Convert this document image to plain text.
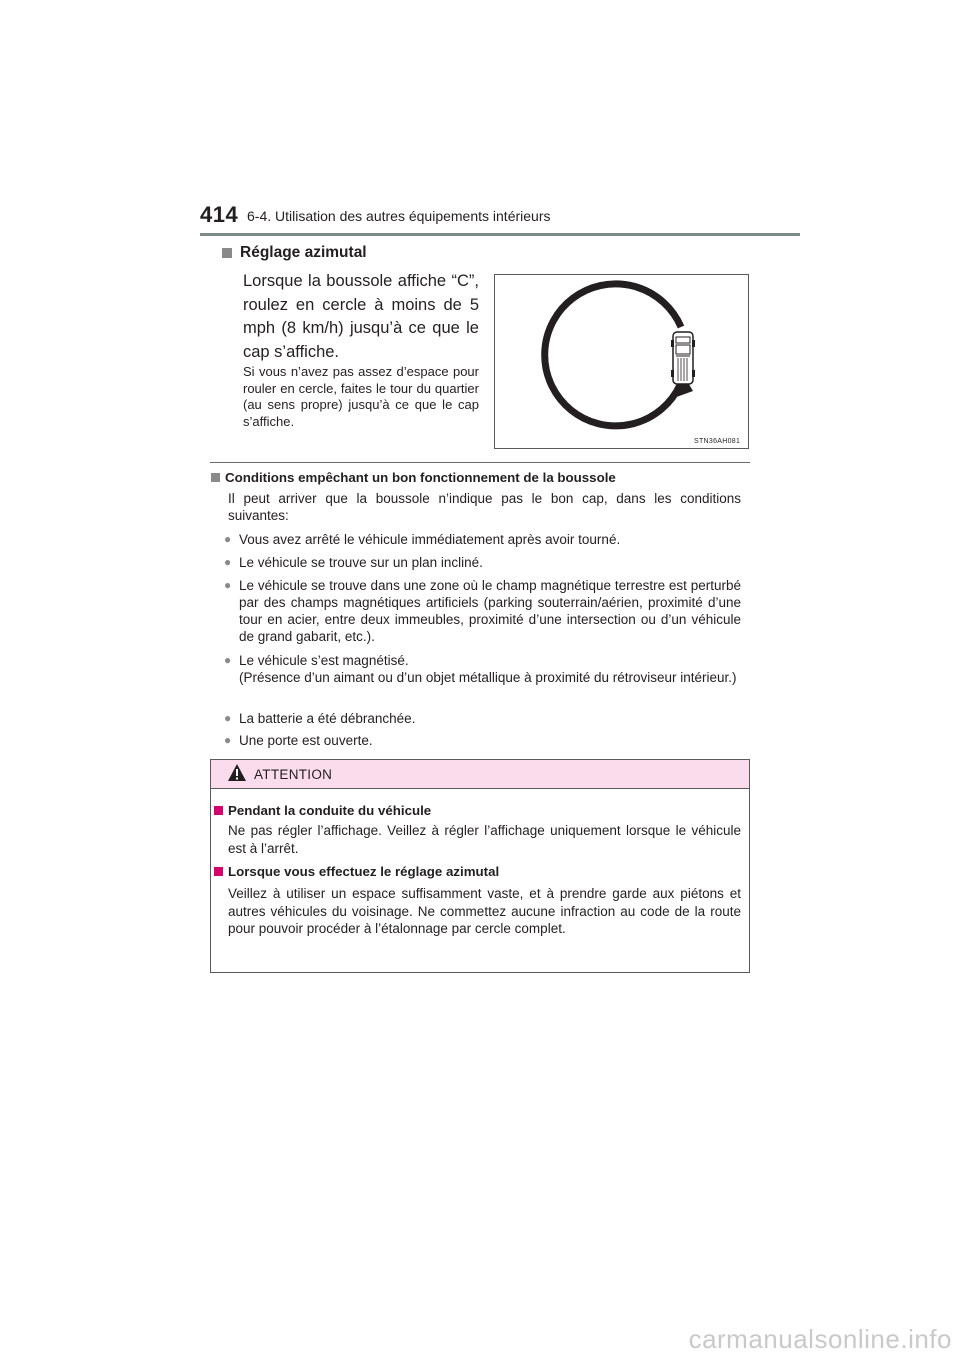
414 6-4. Utilisation des autres équipements intérieurs
Réglage azimutal
Lorsque la boussole affiche “C”, roulez en cercle à moins de 5 mph (8 km/h) jusqu’à ce que le cap s’affiche.
Si vous n’avez pas assez d’espace pour rouler en cercle, faites le tour du quartier (au sens propre) jusqu’à ce que le cap s’affiche.
STN36AH081
Conditions empêchant un bon fonctionnement de la boussole
Il peut arriver que la boussole n’indique pas le bon cap, dans les conditions suivantes:
● Vous avez arrêté le véhicule immédiatement après avoir tourné.
● Le véhicule se trouve sur un plan incliné.
● Le véhicule se trouve dans une zone où le champ magnétique terrestre est perturbé par des champs magnétiques artificiels (parking souterrain/aérien, proximité d’une tour en acier, entre deux immeubles, proximité d’une intersection ou d’un véhicule de grand gabarit, etc.).
● Le véhicule s’est magnétisé.
(Présence d’un aimant ou d’un objet métallique à proximité du rétroviseur intérieur.)
● La batterie a été débranchée.
● Une porte est ouverte.
ATTENTION
Pendant la conduite du véhicule
Ne pas régler l’affichage. Veillez à régler l’affichage uniquement lorsque le véhicule est à l’arrêt.
Lorsque vous effectuez le réglage azimutal
Veillez à utiliser un espace suffisamment vaste, et à prendre garde aux piétons et autres véhicules du voisinage. Ne commettez aucune infraction au code de la route pour pouvoir procéder à l’étalonnage par cercle complet.
carmanualsonline.info
